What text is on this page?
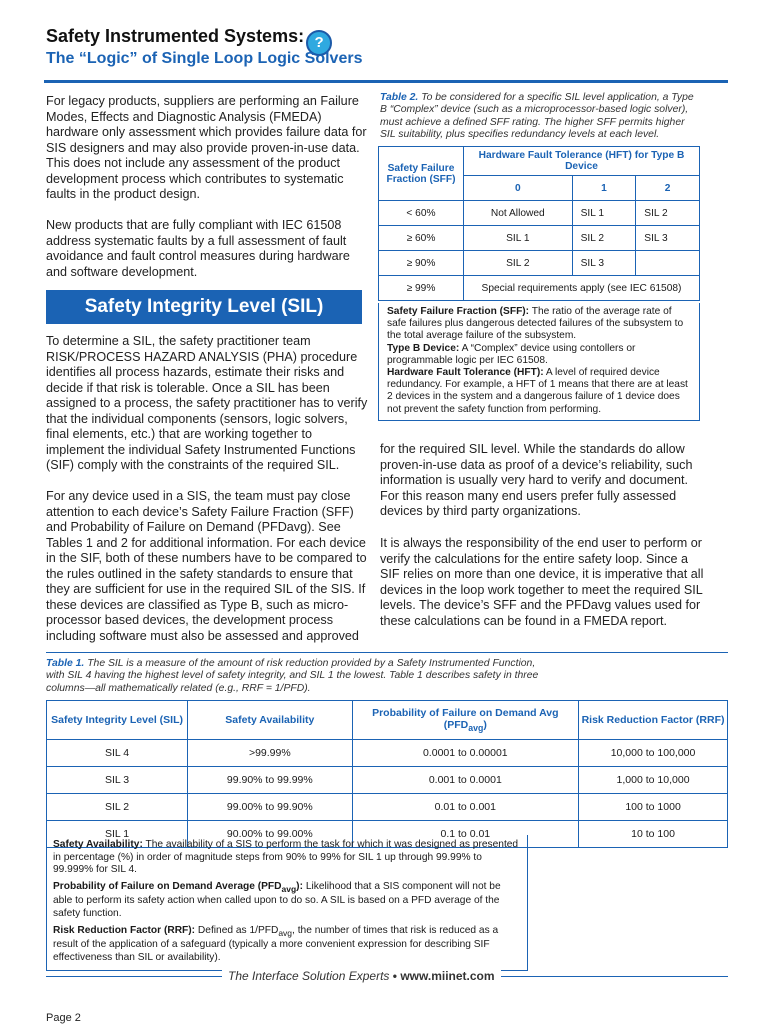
Safety Instrumented Systems: ?
The “Logic” of Single Loop Logic Solvers

For legacy products, suppliers are performing an Failure Modes, Effects and Diagnostic Analysis (FMEDA) hardware only assessment which provides failure data for SIS designers and may also provide proven-in-use data. This does not include any assessment of the product development process which contributes to systematic faults in the product design.

New products that are fully compliant with IEC 61508 address systematic faults by a full assessment of fault avoidance and fault control measures during hardware and software development.

Safety Integrity Level (SIL)

To determine a SIL, the safety practitioner team RISK/PROCESS HAZARD ANALYSIS (PHA) procedure identifies all process hazards, estimate their risks and decide if that risk is tolerable. Once a SIL has been assigned to a process, the safety practitioner has to verify that the individual components (sensors, logic solvers, final elements, etc.) that are working together to implement the individual Safety Instrumented Functions (SIF) comply with the constraints of the required SIL.

For any device used in a SIS, the team must pay close attention to each device’s Safety Failure Fraction (SFF) and Probability of Failure on Demand (PFDavg). See Tables 1 and 2 for additional information. For each device in the SIF, both of these numbers have to be compared to the rules outlined in the safety standards to ensure that they are sufficient for use in the required SIL of the SIS. If these devices are classified as Type B, such as micro-processor based devices, the development process including software must also be assessed and approved

Table 2. To be considered for a specific SIL level application, a Type B “Complex” device (such as a microprocessor-based logic solver), must achieve a defined SFF rating. The higher SFF permits higher SIL suitability, plus specifies redundancy levels at each level.
Safety Failure Fraction (SFF)	Hardware Fault Tolerance (HFT) for Type B Device		
	0	1	2
< 60%	Not Allowed	SIL 1	SIL 2
≥ 60%	SIL 1	SIL 2	SIL 3
≥ 90%	SIL 2	SIL 3	
≥ 99%	Special requirements apply (see IEC 61508)		

Safety Failure Fraction (SFF): The ratio of the average rate of safe failures plus dangerous detected failures of the subsystem to the total average failure of the subsystem.

Type B Device: A “Complex” device using contollers or programmable logic per IEC 61508.

Hardware Fault Tolerance (HFT): A level of required device redundancy. For example, a HFT of 1 means that there are at least 2 devices in the system and a dangerous failure of 1 device does not prevent the safety function from performing.

for the required SIL level. While the standards do allow proven-in-use data as proof of a device’s reliability, such information is usually very hard to verify and document. For this reason many end users prefer fully assessed devices by third party organizations.

It is always the responsibility of the end user to perform or verify the calculations for the entire safety loop. Since a SIF relies on more than one device, it is imperative that all devices in the loop work together to meet the required SIL levels. The device’s SFF and the PFDavg values used for these calculations can be found in a FMEDA report.

Table 1. The SIL is a measure of the amount of risk reduction provided by a Safety Instrumented Function, with SIL 4 having the highest level of safety integrity, and SIL 1 the lowest. Table 1 describes safety in three columns—all mathematically related (e.g., RRF = 1/PFD).
Safety Integrity Level (SIL)	Safety Availability	Probability of Failure on Demand Avg $(PFD_{avg})$	Risk Reduction Factor (RRF)
SIL 4	>99.99%	0.0001 to 0.00001	10,000 to 100,000
SIL 3	99.90% to 99.99%	0.001 to 0.0001	1,000 to 10,000
SIL 2	99.00% to 99.90%	0.01 to 0.001	100 to 1000
SIL 1	90.00% to 99.00%	0.1 to 0.01	10 to 100

Safety Availability: The availability of a SIS to perform the task for which it was designed as presented in percentage (%) in order of magnitude steps from 90% to 99% for SIL 1 up through 99.99% to 99.999% for SIL 4.

Probability of Failure on Demand Average $(PFD_{avg})$: Likelihood that a SIS component will not be able to perform its safety action when called upon to do so. A SIL is based on a PFD average of the safety function.

Risk Reduction Factor (RRF): Defined as $1/PFD_{avg}$, the number of times that risk is reduced as a result of the application of a safeguard (typically a more convenient expression for describing SIF effectiveness than SIL or availability).

The Interface Solution Experts • www.miinet.com
Page 2
